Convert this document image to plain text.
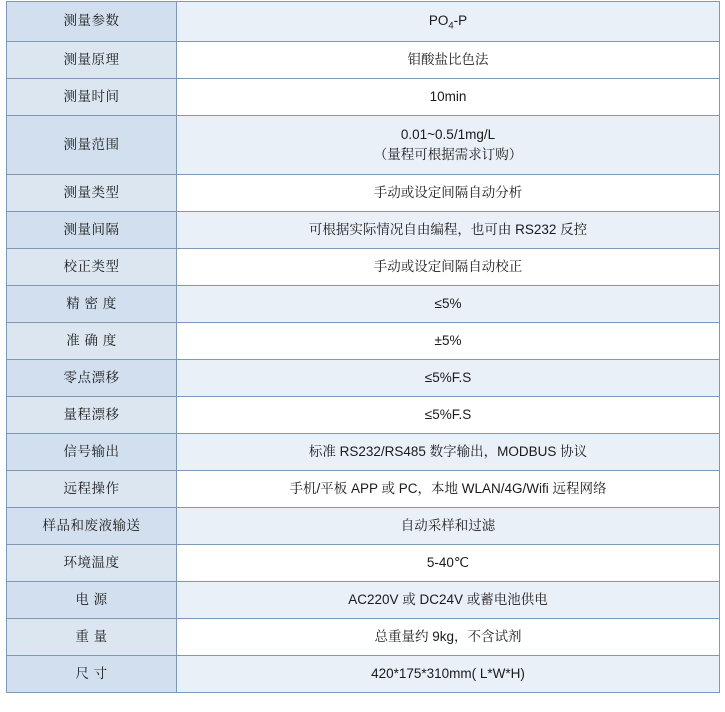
测量参数	$PO_4-P$
测量原理	钼酸盐比色法
测量时间	10min
测量范围	0.01~0.5/1mg/L
（量程可根据需求订购）

测量类型	手动或设定间隔自动分析
测量间隔	可根据实际情况自由编程，也可由 RS232 反控
校正类型	手动或设定间隔自动校正
精 密 度	≤5%
准 确 度	±5%
零点漂移	≤5%F.S
量程漂移	≤5%F.S
信号输出	标准 RS232/RS485 数字输出，MODBUS 协议
远程操作	手机/平板 APP 或 PC，本地 WLAN/4G/Wifi 远程网络
样品和废液输送	自动采样和过滤
环境温度	5-40℃
电 源	AC220V 或 DC24V 或蓄电池供电
重 量	总重量约 9kg，不含试剂
尺 寸	420*175*310mm( L*W*H)
